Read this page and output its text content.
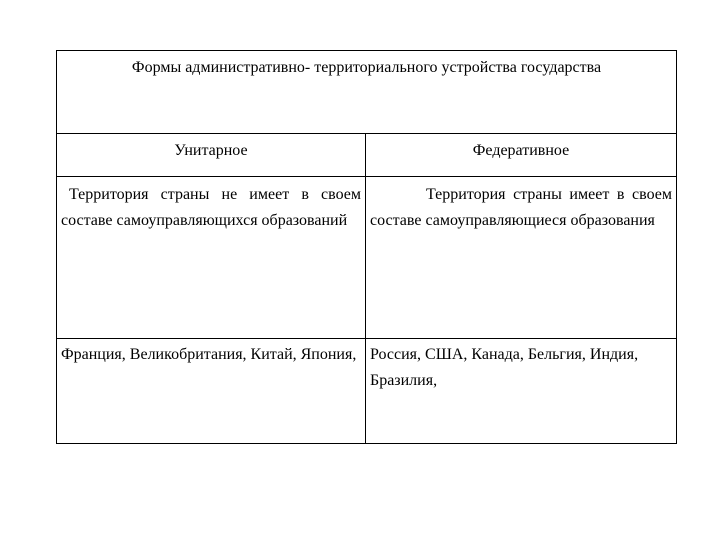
Формы административно- территориального устройства государства	
Унитарное	Федеративное
Территория страны не имеет в своем составе самоуправляющихся образований	Территория страны имеет в своем составе самоуправляющиеся образования

Франция, Великобритания, Китай, Япония,	Россия, США, Канада, Бельгия, Индия, Бразилия,
